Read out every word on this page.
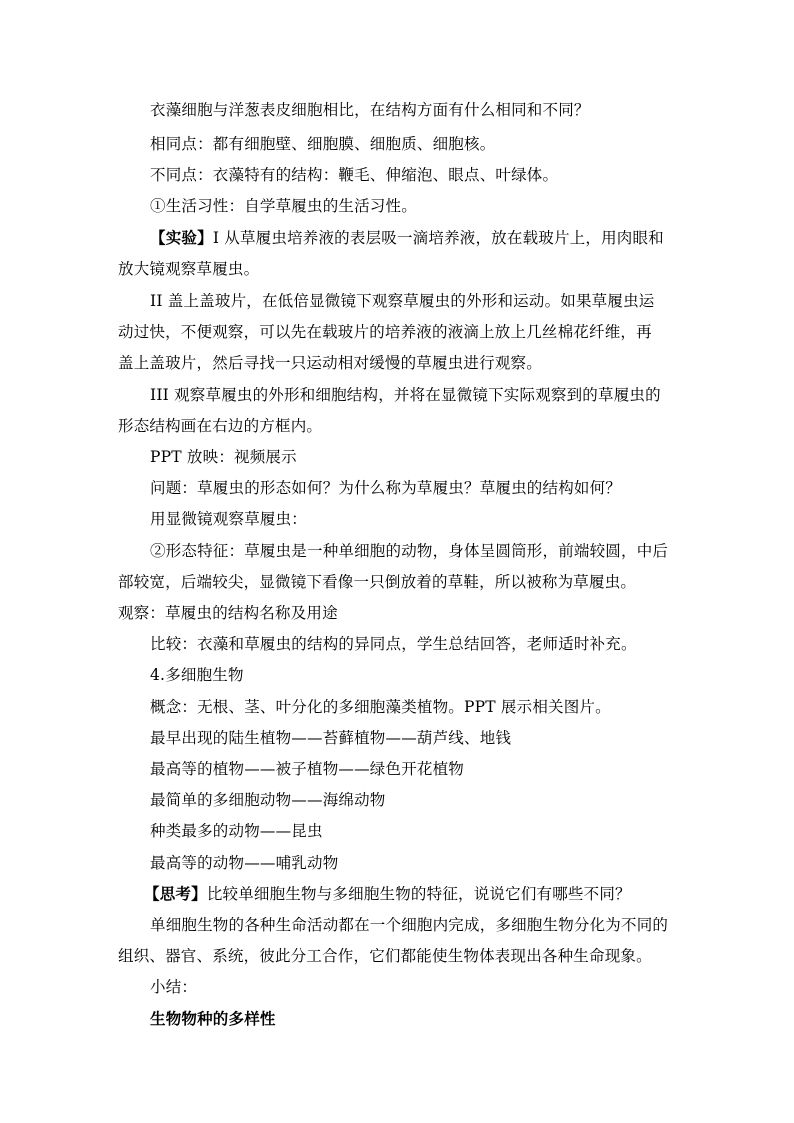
衣藻细胞与洋葱表皮细胞相比，在结构方面有什么相同和不同？
相同点：都有细胞壁、细胞膜、细胞质、细胞核。
不同点：衣藻特有的结构：鞭毛、伸缩泡、眼点、叶绿体。
①生活习性：自学草履虫的生活习性。
【实验】I 从草履虫培养液的表层吸一滴培养液，放在载玻片上，用肉眼和
放大镜观察草履虫。
II 盖上盖玻片，在低倍显微镜下观察草履虫的外形和运动。如果草履虫运
动过快，不便观察，可以先在载玻片的培养液的液滴上放上几丝棉花纤维，再
盖上盖玻片，然后寻找一只运动相对缓慢的草履虫进行观察。
III 观察草履虫的外形和细胞结构，并将在显微镜下实际观察到的草履虫的
形态结构画在右边的方框内。
PPT 放映：视频展示
问题：草履虫的形态如何？为什么称为草履虫？草履虫的结构如何？
用显微镜观察草履虫：
②形态特征：草履虫是一种单细胞的动物，身体呈圆筒形，前端较圆，中后
部较宽，后端较尖，显微镜下看像一只倒放着的草鞋，所以被称为草履虫。
观察：草履虫的结构名称及用途
比较：衣藻和草履虫的结构的异同点，学生总结回答，老师适时补充。
4.多细胞生物
概念：无根、茎、叶分化的多细胞藻类植物。PPT 展示相关图片。
最早出现的陆生植物——苔藓植物——葫芦线、地钱
最高等的植物——被子植物——绿色开花植物
最简单的多细胞动物——海绵动物
种类最多的动物——昆虫
最高等的动物——哺乳动物
【思考】比较单细胞生物与多细胞生物的特征，说说它们有哪些不同？
单细胞生物的各种生命活动都在一个细胞内完成，多细胞生物分化为不同的
组织、器官、系统，彼此分工合作，它们都能使生物体表现出各种生命现象。
小结：
生物物种的多样性
